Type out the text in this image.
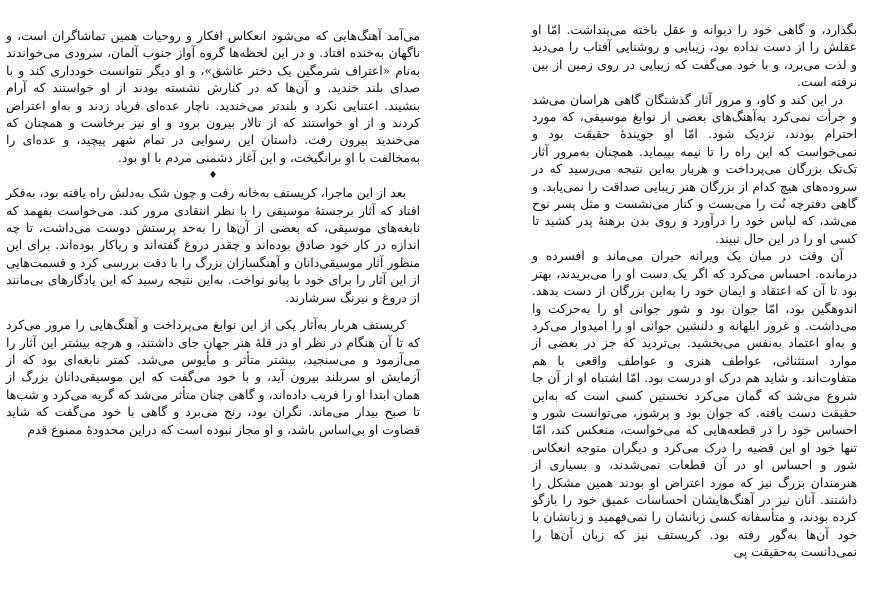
می‌آمد آهنگ‌هایی که می‌شود انعکاس افکار و روحیات همین تماشاگران است، و ناگهان به‌خنده افتاد. و در این لحظه‌ها گروه آواز جنوب آلمان، سرودی می‌خواندند به‌نام «اعتراف شرمگین یک دختر عاشق»، و او دیگر نتوانست خودداری کند و با صدای بلند خندید. و آن‌ها که در کنارش نشسته بودند از او خواستند که آرام بنشیند. اعتنایی نکرد و بلندتر می‌خندید. ناچار عده‌ای فریاد زدند و به‌او اعتراض کردند و از او خواستند که از تالار بیرون برود و او نیز برخاست و همچنان که می‌خندید بیرون رفت. داستان این رسوایی در تمام شهر پیچید، و عده‌ای را به‌مخالفت با او برانگیخت، و این آغاز دشمنی مردم با او بود.

♦

بعد از این ماجرا، کریستف به‌خانه رفت و چون شک به‌دلش راه یافته بود، به‌فکر افتاد که آثار برجستهٔ موسیقی را با نظر انتقادی مرور کند. می‌خواست بفهمد که نابغه‌های موسیقی، که بعضی از آن‌ها را به‌حد پرستش دوست می‌داشت، تا چه اندازه در کار خود صادق بوده‌اند و چقدر دروغ گفته‌اند و ریاکار بوده‌اند. برای این منظور آثار موسیقی‌دانان و آهنگسازان بزرگ را با دقت بررسی کرد و قسمت‌هایی از این آثار را برای خود با پیانو نواخت. به‌این نتیجه رسید که این یادگارهای بی‌مانند از دروغ و نیرنگ سرشارند.

کریستف هربار به‌آثار یکی از این نوابغ می‌پرداخت و آهنگ‌هایی را مرور می‌کرد که تا آن هنگام در نظر او در قلهٔ هنر جهان جای داشتند، و هرچه بیشتر این آثار را می‌آزمود و می‌سنجید، بیشتر متأثر و مأیوس می‌شد. کمتر نابغه‌ای بود که از آزمایش او سربلند بیرون آید، و با خود می‌گفت که این موسیقی‌دانان بزرگ از همان ابتدا او را فریب داده‌اند، و گاهی چنان متأثر می‌شد که گریه می‌کرد و شب‌ها تا صبح بیدار می‌ماند. نگران بود، رنج می‌برد و گاهی با خود می‌گفت که شاید قضاوت او بی‌اساس باشد، و او مجاز نبوده است که دراین محدودهٔ ممنوع قدم

بگذارد، و گاهی خود را دیوانه و عقل باخته می‌پنداشت. امّا او عقلش را از دست نداده بود، زیبایی و روشنایی آفتاب را می‌دید و لذت می‌برد، و با خود می‌گفت که زیبایی در روی زمین از بین نرفته است.

در این کند و کاو، و مرور آثار گذشتگان گاهی هراسان می‌شد و جرأت نمی‌کرد به‌آهنگ‌های بعضی از نوابغ موسیقی، که مورد احترام بودند، نزدیک شود. امّا او جویندهٔ حقیقت بود و نمی‌خواست که این راه را تا نیمه بپیماید. همچنان به‌مرور آثار تک‌تک بزرگان می‌پرداخت و هربار به‌این نتیجه می‌رسید که در سروده‌های هیچ کدام از بزرگان هنر زیبایی صداقت را نمی‌یابد. و گاهی دفترچه نُت را می‌بست و کنار می‌نشست و مثل پسر نوح می‌شد، که لباس خود را درآورد و روی بدن برهنهٔ پدر کشید تا کسی او را در این حال نبیند.

آن وقت در میان یک ویرانه حیران می‌ماند و افسرده و درمانده. احساس می‌کرد که اگر یک دست او را می‌بریدند، بهتر بود تا آن که اعتقاد و ایمان خود را به‌این بزرگان از دست بدهد. اندوهگین بود، امّا جوان بود و شور جوانی او را به‌حرکت وا می‌داشت. و غرور ابلهانه و دلنشین جوانی او را امیدوار می‌کرد و به‌او اعتماد به‌نفس می‌بخشید. بی‌تردید که جز در بعضی از موارد استثنائی، عواطف هنری و عواطف واقعی با هم متفاوت‌اند. و شاید هم درک او درست بود. امّا اشتباه او از آن جا شروع می‌شد که گمان می‌کرد نخستین کسی است که به‌این حقیقت دست یافته. که جوان بود و پرشور، می‌توانست شور و احساس خود را در قطعه‌هایی که می‌خواست، منعکس کند، امّا تنها خود او این قضیه را درک می‌کرد و دیگران متوجه انعکاس شور و احساس او در آن قطعات نمی‌شدند، و بسیاری از هنرمندان بزرگ نیز که مورد اعتراض او بودند همین مشکل را داشتند. آنان نیز در آهنگ‌هایشان احساسات عمیق خود را بازگو کرده بودند، و متأسفانه کسی زبانشان را نمی‌فهمید و زبانشان با خود آن‌ها به‌گور رفته بود. کریستف نیز که زبان آن‌ها را نمی‌دانست به‌حقیقت پی
